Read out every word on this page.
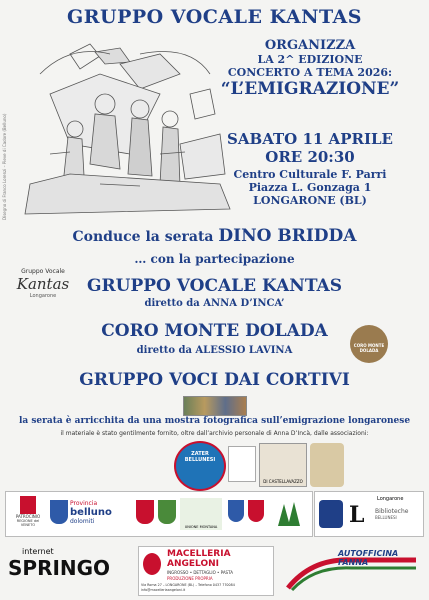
GRUPPO VOCALE KANTAS
Disegno di Franco Lorenzi – Pieve di Cadore (Belluno)
ORGANIZZA
LA 2^ EDIZIONE
CONCERTO A TEMA 2026:
“L’EMIGRAZIONE”
SABATO 11 APRILE
ORE 20:30
Centro Culturale F. Parri
Piazza L. Gonzaga 1
LONGARONE (BL)
Conduce la serata DINO BRIDDA
… con la partecipazione
Gruppo Vocale
Kantas
Longarone	GRUPPO VOCALE KANTAS
diretto da ANNA D’INCA’
CORO MONTE DOLADA
diretto da ALESSIO LAVINA	CORO MONTE DOLADA
GRUPPO VOCI DAI CORTIVI
la serata è arricchita da una mostra fotografica sull’emigrazione longaronese
il materiale è stato gentilmente fornito, oltre dall’archivio personale di Anna D’Incà, dalle associazioni:
ZATER BELLUNESI
DI CASTELLAVAZZO
PATROCINIO
REGIONE del VENETO
Provincia
belluno
dolomiti
UNIONE MONTANA	L
Longarone
Biblioteche
BELLUNESI
internet
SPRINGO
MACELLERIA
ANGELONI
INGROSSO • DETTAGLIO • PASTA
PRODUZIONE PROPRIA
Via Roma 27 – LONGARONE (BL) – Telefono 0437 770084
info@macelleriaangeloni.it
AUTOFFICINA FANNA
